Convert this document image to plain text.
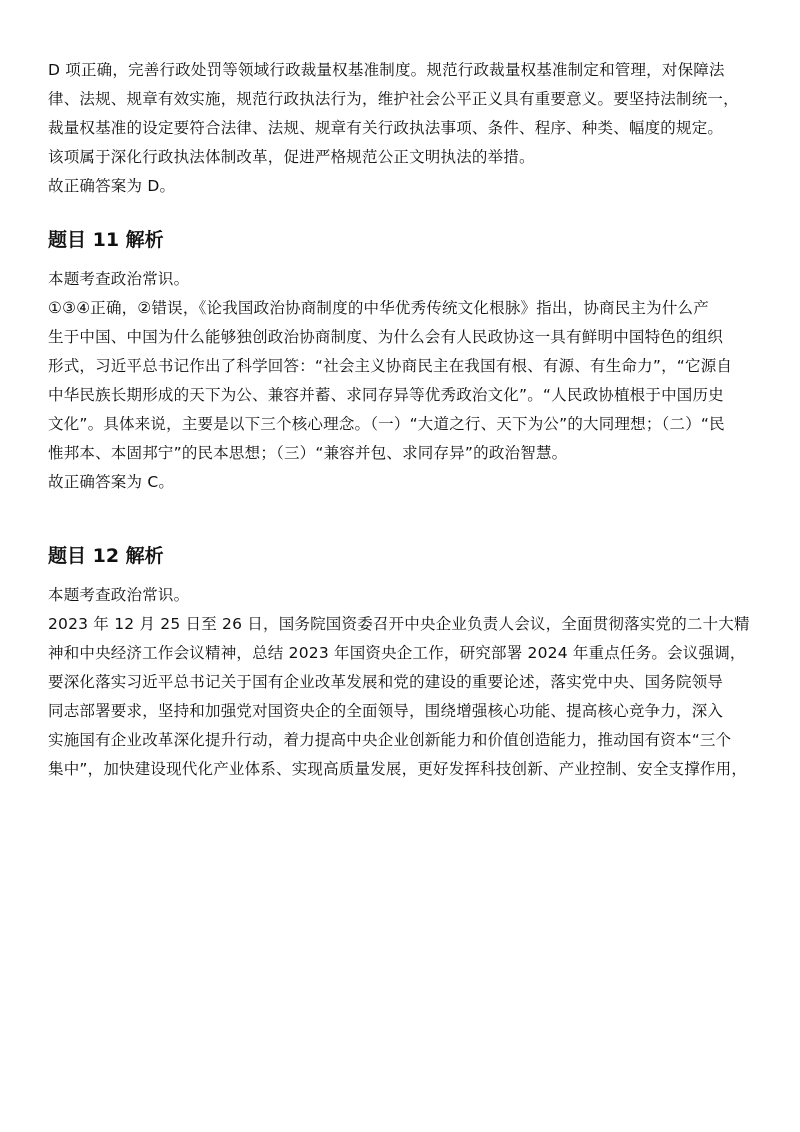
D 项正确，完善行政处罚等领域行政裁量权基准制度。规范行政裁量权基准制定和管理，对保障法
律、法规、规章有效实施，规范行政执法行为，维护社会公平正义具有重要意义。要坚持法制统一，
裁量权基准的设定要符合法律、法规、规章有关行政执法事项、条件、程序、种类、幅度的规定。
该项属于深化行政执法体制改革，促进严格规范公正文明执法的举措。
故正确答案为 D。
题目 11 解析
本题考查政治常识。
①③④正确，②错误，《论我国政治协商制度的中华优秀传统文化根脉》指出，协商民主为什么产
生于中国、中国为什么能够独创政治协商制度、为什么会有人民政协这一具有鲜明中国特色的组织
形式，习近平总书记作出了科学回答：“社会主义协商民主在我国有根、有源、有生命力”，“它源自
中华民族长期形成的天下为公、兼容并蓄、求同存异等优秀政治文化”。“人民政协植根于中国历史
文化”。具体来说，主要是以下三个核心理念。（一）“大道之行、天下为公”的大同理想；（二）“民
惟邦本、本固邦宁”的民本思想；（三）“兼容并包、求同存异”的政治智慧。
故正确答案为 C。
题目 12 解析
本题考查政治常识。
2023 年 12 月 25 日至 26 日，国务院国资委召开中央企业负责人会议，全面贯彻落实党的二十大精
神和中央经济工作会议精神，总结 2023 年国资央企工作，研究部署 2024 年重点任务。会议强调，
要深化落实习近平总书记关于国有企业改革发展和党的建设的重要论述，落实党中央、国务院领导
同志部署要求，坚持和加强党对国资央企的全面领导，围绕增强核心功能、提高核心竞争力，深入
实施国有企业改革深化提升行动，着力提高中央企业创新能力和价值创造能力，推动国有资本“三个
集中”，加快建设现代化产业体系、实现高质量发展，更好发挥科技创新、产业控制、安全支撑作用，
